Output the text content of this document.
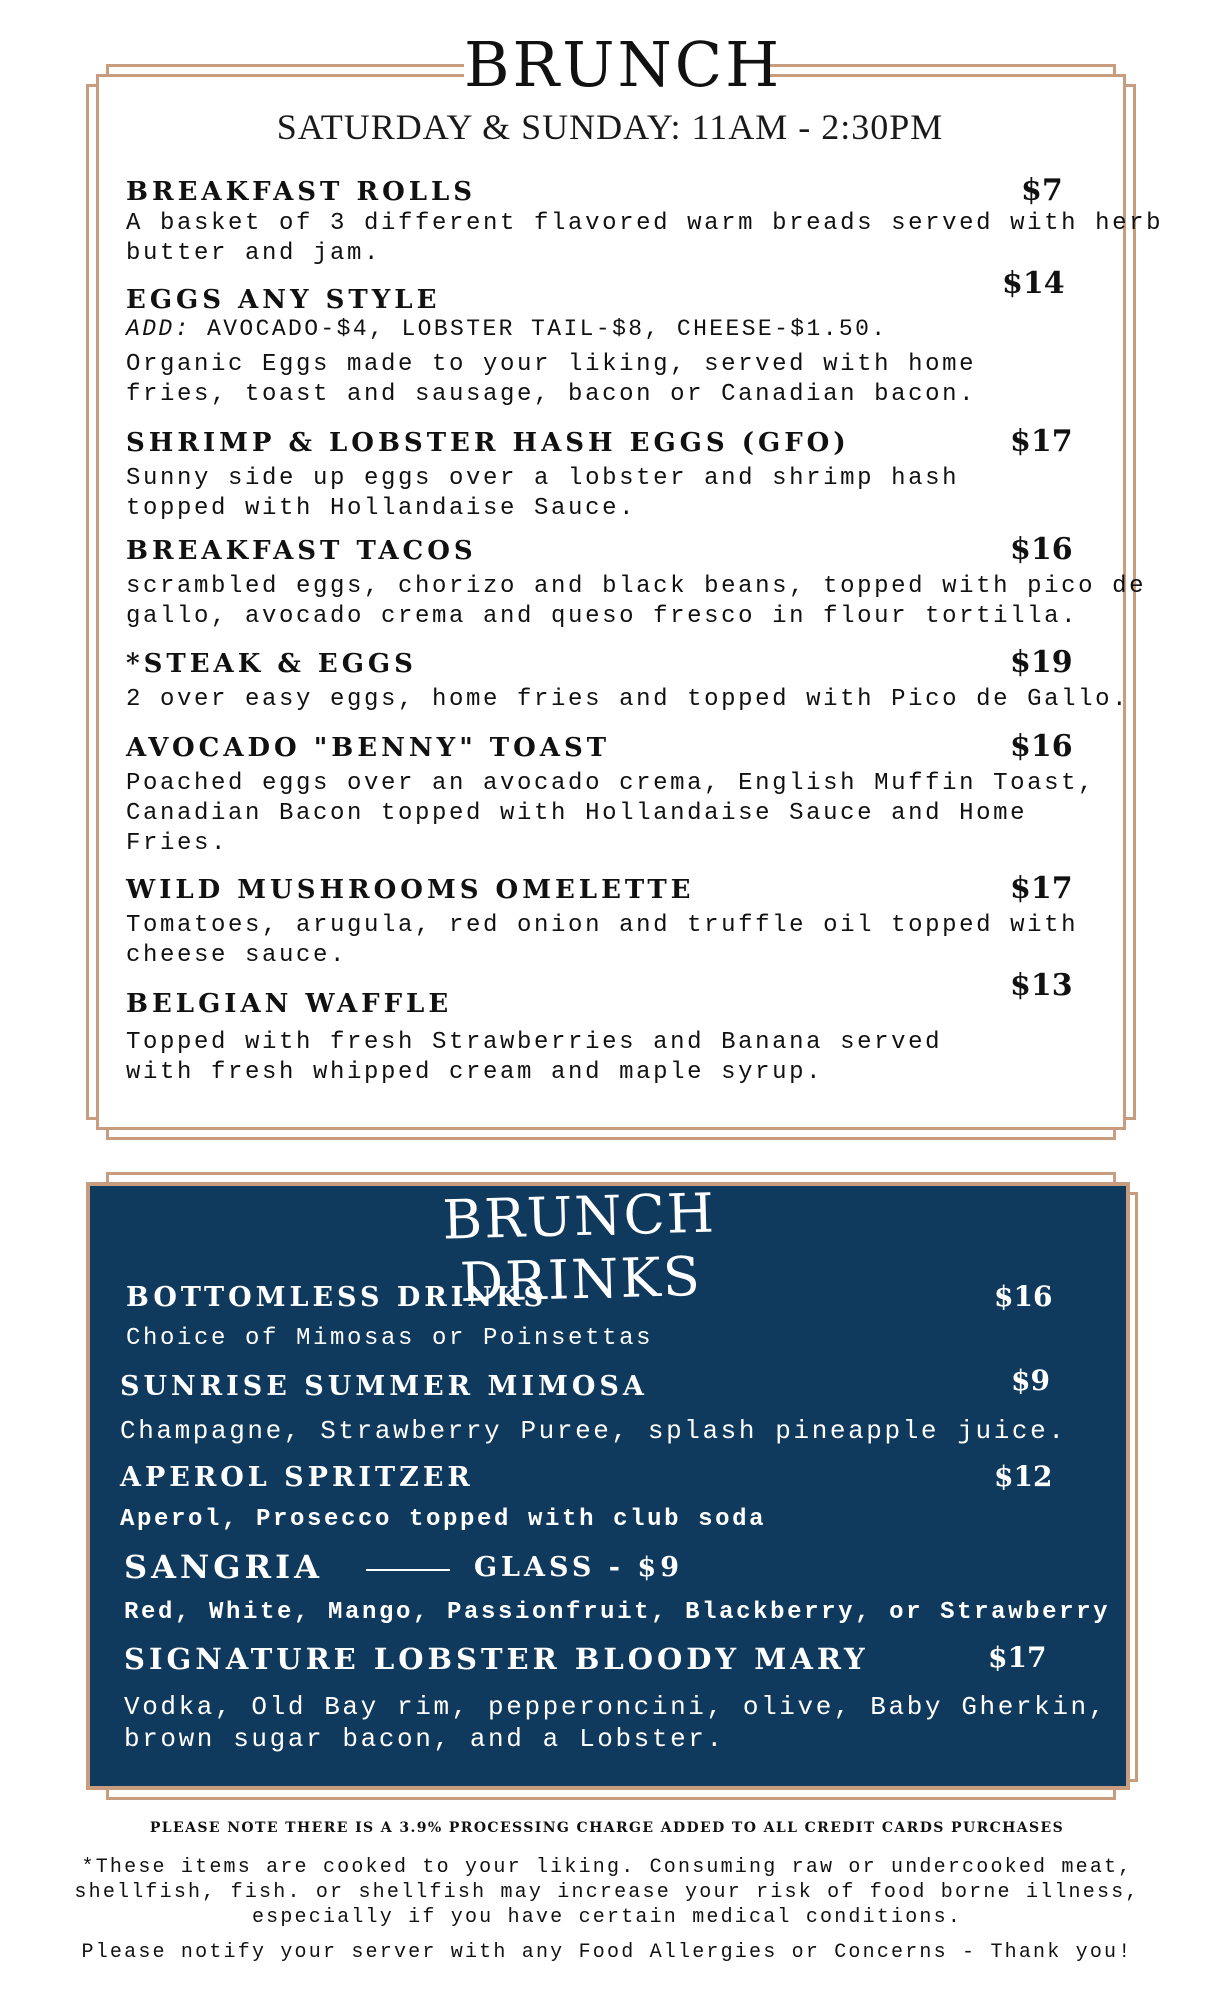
BRUNCH
SATURDAY & SUNDAY: 11AM - 2:30PM
BREAKFAST ROLLS	$7
A basket of 3 different flavored warm breads served with herb
butter and jam.
EGGS ANY STYLE	$14
ADD: AVOCADO-$4, LOBSTER TAIL-$8, CHEESE-$1.50.
Organic Eggs made to your liking, served with home
fries, toast and sausage, bacon or Canadian bacon.
SHRIMP & LOBSTER HASH EGGS (GFO)	$17
Sunny side up eggs over a lobster and shrimp hash
topped with Hollandaise Sauce.
BREAKFAST TACOS	$16
scrambled eggs, chorizo and black beans, topped with pico de
gallo, avocado crema and queso fresco in flour tortilla.
*STEAK & EGGS	$19
2 over easy eggs, home fries and topped with Pico de Gallo.
AVOCADO "BENNY" TOAST	$16
Poached eggs over an avocado crema, English Muffin Toast,
Canadian Bacon topped with Hollandaise Sauce and Home
Fries.
WILD MUSHROOMS OMELETTE	$17
Tomatoes, arugula, red onion and truffle oil topped with
cheese sauce.
BELGIAN WAFFLE
$13
Topped with fresh Strawberries and Banana served
with fresh whipped cream and maple syrup.
BRUNCH DRINKS
BOTTOMLESS DRINKS	$16
Choice of Mimosas or Poinsettas
SUNRISE SUMMER MIMOSA	$9
Champagne, Strawberry Puree, splash pineapple juice.
APEROL SPRITZER	$12
Aperol, Prosecco topped with club soda
SANGRIA	GLASS - $9
Red, White, Mango, Passionfruit, Blackberry, or Strawberry
SIGNATURE LOBSTER BLOODY MARY	$17
Vodka, Old Bay rim, pepperoncini, olive, Baby Gherkin,
brown sugar bacon, and a Lobster.
PLEASE NOTE THERE IS A 3.9% PROCESSING CHARGE ADDED TO ALL CREDIT CARDS PURCHASES
*These items are cooked to your liking. Consuming raw or undercooked meat,
shellfish, fish. or shellfish may increase your risk of food borne illness,
especially if you have certain medical conditions.
Please notify your server with any Food Allergies or Concerns - Thank you!
